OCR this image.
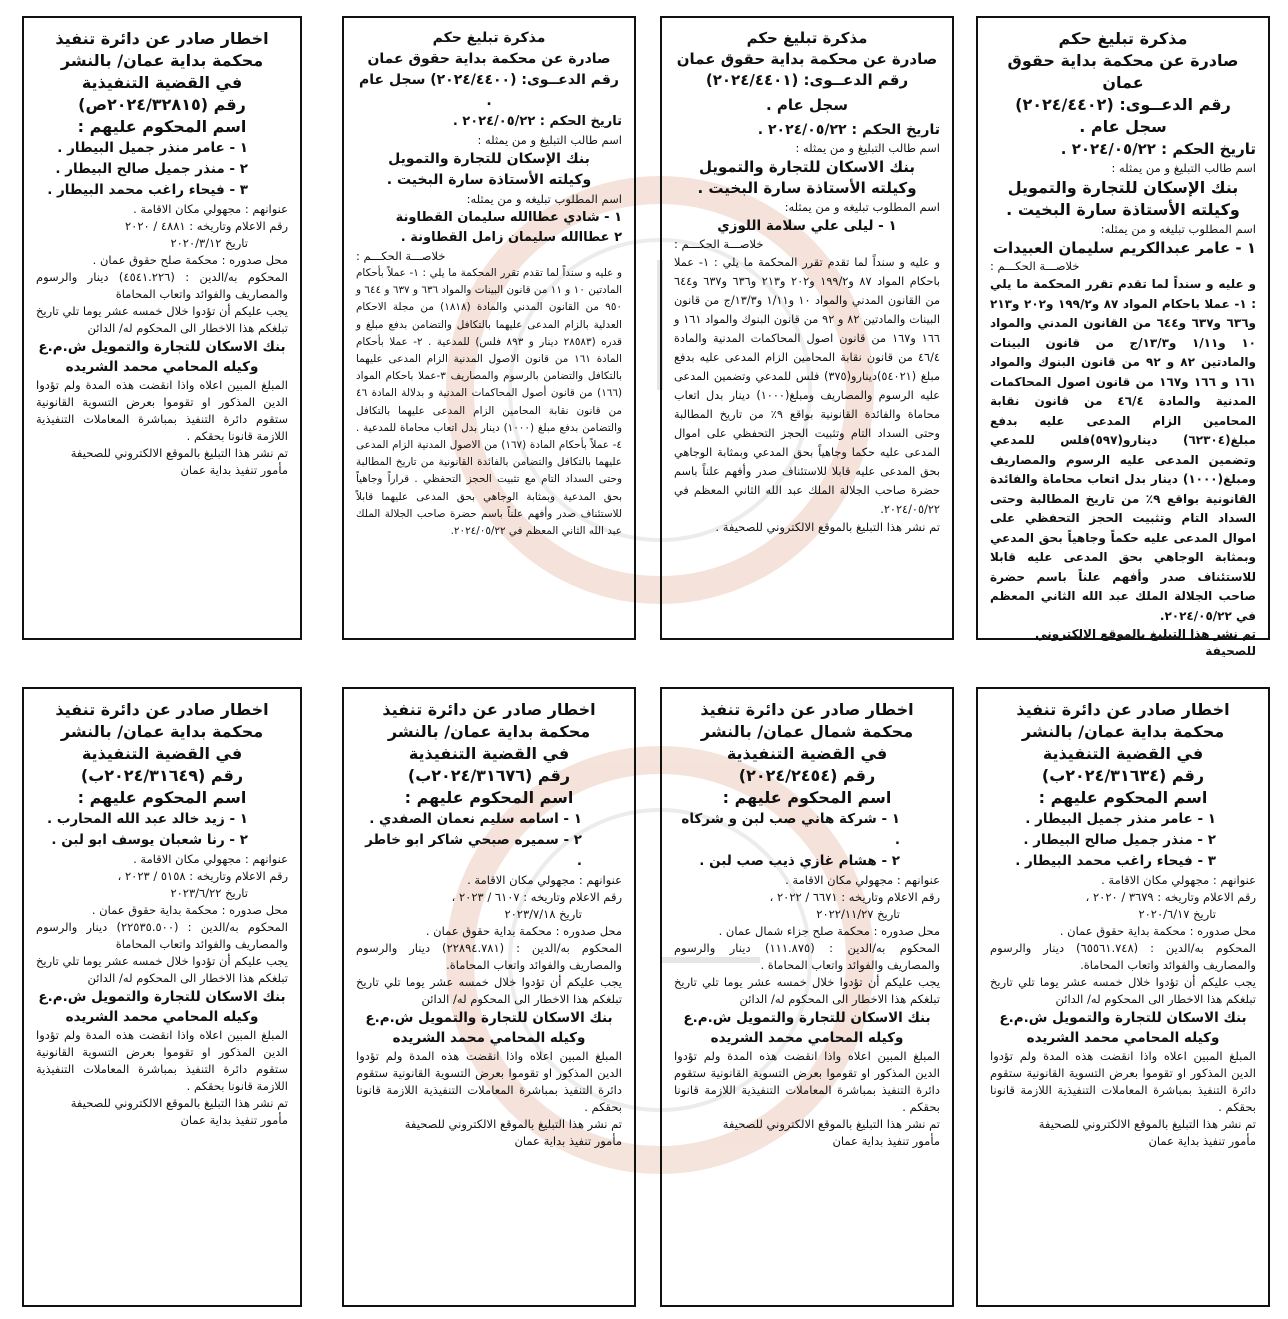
مذكرة تبليغ حكم

صادرة عن محكمة بداية حقوق عمان

رقم الدعــوى: (٢٠٢٤/٤٤٠٢)

سجل عام .

تاريخ الحكم : ٢٠٢٤/٠٥/٢٢ .

اسم طالب التبليغ و من يمثله :

بنك الإسكان للتجارة والتمويل

وكيلته الأستاذة سارة البخيت .

اسم المطلوب تبليغه و من يمثله:

١ - عامر عبدالكريم سليمان العبيدات

خلاصـــة الحكـــم :

و عليه و سنداً لما تقدم تقرر المحكمة ما يلي : ١- عملا باحكام المواد ٨٧ و١٩٩/٢ و٢٠٢ و٢١٣ و٦٣٦ و٦٣٧ و٦٤٤ من القانون المدني والمواد ١٠ و١/١١ و١٣/٣/ج من قانون البينات والمادتين ٨٢ و ٩٢ من قانون البنوك والمواد ١٦١ و ١٦٦ و١٦٧ من قانون اصول المحاكمات المدنية والمادة ٤٦/٤ من قانون نقابة المحامين الزام المدعى عليه بدفع مبلغ(٦٢٣٠٤) دينارو(٥٩٧)فلس للمدعي وتضمين المدعى عليه الرسوم والمصاريف ومبلغ(١٠٠٠) دينار بدل اتعاب محاماة والفائدة القانونية بواقع ٩٪ من تاريخ المطالبة وحتى السداد التام وتثبيت الحجز التحفظي على اموال المدعى عليه حكماً وجاهياً بحق المدعي وبمثابة الوجاهي بحق المدعى عليه قابلا للاستئناف صدر وأفهم علناً باسم حضرة صاحب الجلالة الملك عبد الله الثاني المعظم في ٢٠٢٤/٠٥/٢٢.

تم نشر هذا التبليغ بالموقع الالكتروني للصحيفة

مذكرة تبليغ حكم

صادرة عن محكمة بداية حقوق عمان

رقم الدعــوى: (٢٠٢٤/٤٤٠١)

سجل عام .

تاريخ الحكم : ٢٠٢٤/٠٥/٢٢ .

اسم طالب التبليغ و من يمثله :

بنك الاسكان للتجارة والتمويل

وكيلته الأستاذة سارة البخيت .

اسم المطلوب تبليغه و من يمثله:

١ - ليلى علي سلامة اللوزي

خلاصـــة الحكـــم :

و عليه و سنداً لما تقدم تقرر المحكمة ما يلي : ١- عملا باحكام المواد ٨٧ و١٩٩/٢ و٢٠٢ و٢١٣ و٦٣٦ و٦٣٧ و٦٤٤ من القانون المدني والمواد ١٠ و١/١١ و١٣/٣/ج من قانون البينات والمادتين ٨٢ و ٩٢ من قانون البنوك والمواد ١٦١ و ١٦٦ و١٦٧ من قانون اصول المحاكمات المدنية والمادة ٤٦/٤ من قانون نقابة المحامين الزام المدعى عليه بدفع مبلغ (٥٤٠٢١)دينارو(٣٧٥) فلس للمدعي وتضمين المدعى عليه الرسوم والمصاريف ومبلغ(١٠٠٠) دينار بدل اتعاب محاماة والفائدة القانونية بواقع ٩٪ من تاريخ المطالبة وحتى السداد التام وتثبيت الحجز التحفظي على اموال المدعى عليه حكما وجاهياً بحق المدعي وبمثابة الوجاهي بحق المدعى عليه قابلا للاستئناف صدر وأفهم علناً باسم حضرة صاحب الجلالة الملك عبد الله الثاني المعظم في ٢٠٢٤/٠٥/٢٢.

تم نشر هذا التبليغ بالموقع الالكتروني للصحيفة .

مذكرة تبليغ حكم

صادرة عن محكمة بداية حقوق عمان

رقم الدعــوى: (٢٠٢٤/٤٤٠٠) سجل عام .

تاريخ الحكم : ٢٠٢٤/٠٥/٢٢ .

اسم طالب التبليغ و من يمثله :

بنك الإسكان للتجارة والتمويل

وكيلته الأستاذة سارة البخيت .

اسم المطلوب تبليغه و من يمثله:

١ - شادي عطاالله سليمان القطاونة

٢ عطاالله سليمان زامل القطاونة .

خلاصـــة الحكـــم :

و عليه و سنداً لما تقدم تقرر المحكمة ما يلي : ١- عملاً بأحكام المادتين ١٠ و ١١ من قانون البينات والمواد ٦٣٦ و ٦٣٧ و ٦٤٤ و ٩٥٠ من القانون المدني والمادة (١٨١٨) من مجلة الاحكام العدلية بالزام المدعى عليهما بالتكافل والتضامن بدفع مبلغ و قدره (٢٨٥٨٣ دينار و ٨٩٣ فلس) للمدعية . ٢- عملا بأحكام المادة ١٦١ من قانون الاصول المدنية الزام المدعى عليهما بالتكافل والتضامن بالرسوم والمصاريف ٣-عملا باحكام المواد (١٦٦) من قانون أصول المحاكمات المدنية و بدلالة المادة ٤٦ من قانون نقابة المحامين الزام المدعى عليهما بالتكافل والتضامن بدفع مبلغ (١٠٠٠) دينار بدل اتعاب محاماة للمدعية . ٤- عملاً بأحكام المادة (١٦٧) من الاصول المدنية الزام المدعى عليهما بالتكافل والتضامن بالفائدة القانونية من تاريخ المطالبة وحتى السداد التام مع تثبيت الحجز التحفظي . قراراً وجاهياً بحق المدعية وبمثابة الوجاهي بحق المدعى عليهما قابلاً للاستئناف صدر وأفهم علناً باسم حضرة صاحب الجلالة الملك عبد الله الثاني المعظم في ٢٠٢٤/٠٥/٢٢.

اخطار صادر عن دائرة تنفيذ

محكمة بداية عمان/ بالنشر

في القضية التنفيذية

رقم (٢٠٢٤/٣٢٨١٥ص)

اسم المحكوم عليهم :

١ - عامر منذر جميل البيطار .

٢ - منذر جميل صالح البيطار .

٣ - فيحاء راغب محمد البيطار .

عنوانهم : مجهولي مكان الاقامة .

رقم الاعلام وتاريخه : ٤٨٨١ / ٢٠٢٠

تاريخ ٢٠٢٠/٣/١٢

محل صدوره : محكمة صلح حقوق عمان .

المحكوم به/الدين : (٤٥٤١.٢٢٦) دينار والرسوم والمصاريف والفوائد واتعاب المحاماة

يجب عليكم أن تؤدوا خلال خمسه عشر يوما تلي تاريخ تبلغكم هذا الاخطار الى المحكوم له/ الدائن

بنك الاسكان للتجارة والتمويل ش.م.ع

وكيله المحامي محمد الشريده

المبلغ المبين اعلاه واذا انقضت هذه المدة ولم تؤدوا الدين المذكور او تقوموا بعرض التسوية القانونية ستقوم دائرة التنفيذ بمباشرة المعاملات التنفيذية اللازمة قانونا بحقكم .

تم نشر هذا التبليغ بالموقع الالكتروني للصحيفة

مأمور تنفيذ بداية عمان

اخطار صادر عن دائرة تنفيذ

محكمة بداية عمان/ بالنشر

في القضية التنفيذية

رقم (٢٠٢٤/٣١٦٣٤ب)

اسم المحكوم عليهم :

١ - عامر منذر جميل البيطار .

٢ - منذر جميل صالح البيطار .

٣ - فيحاء راغب محمد البيطار .

عنوانهم : مجهولي مكان الاقامة .

رقم الاعلام وتاريخه : ٣٦٧٩ / ٢٠٢٠ ،

تاريخ ٢٠٢٠/٦/١٧

محل صدوره : محكمة بداية حقوق عمان .

المحكوم به/الدين : (٦٥٥٦١.٧٤٨) دينار والرسوم والمصاريف والفوائد واتعاب المحاماة.

يجب عليكم أن تؤدوا خلال خمسه عشر يوما تلي تاريخ تبلغكم هذا الاخطار الى المحكوم له/ الدائن

بنك الاسكان للتجارة والتمويل ش.م.ع

وكيله المحامي محمد الشريده

المبلغ المبين اعلاه واذا انقضت هذه المدة ولم تؤدوا الدين المذكور او تقوموا بعرض التسوية القانونية ستقوم دائرة التنفيذ بمباشرة المعاملات التنفيذية اللازمة قانونا بحقكم .

تم نشر هذا التبليغ بالموقع الالكتروني للصحيفة

مأمور تنفيذ بداية عمان

اخطار صادر عن دائرة تنفيذ

محكمة شمال عمان/ بالنشر

في القضية التنفيذية

رقم (٢٠٢٤/٢٤٥٤)

اسم المحكوم عليهم :

١ - شركة هاني صب لبن و شركاه .

٢ - هشام غازي ذيب صب لبن .

عنوانهم : مجهولي مكان الاقامة .

رقم الاعلام وتاريخه : ٦٦٧١ / ٢٠٢٢ ،

تاريخ ٢٠٢٢/١١/٢٧

محل صدوره : محكمة صلح جزاء شمال عمان .

المحكوم به/الدين : (١١١.٨٧٥) دينار والرسوم والمصاريف والفوائد واتعاب المحاماة .

يجب عليكم أن تؤدوا خلال خمسه عشر يوما تلي تاريخ تبلغكم هذا الاخطار الى المحكوم له/ الدائن

بنك الاسكان للتجارة والتمويل ش.م.ع

وكيله المحامي محمد الشريده

المبلغ المبين اعلاه واذا انقضت هذه المدة ولم تؤدوا الدين المذكور او تقوموا بعرض التسوية القانونية ستقوم دائرة التنفيذ بمباشرة المعاملات التنفيذية اللازمة قانونا بحقكم .

تم نشر هذا التبليغ بالموقع الالكتروني للصحيفة

مأمور تنفيذ بداية عمان

اخطار صادر عن دائرة تنفيذ

محكمة بداية عمان/ بالنشر

في القضية التنفيذية

رقم (٢٠٢٤/٣١٦٧٦ب)

اسم المحكوم عليهم :

١ - اسامه سليم نعمان الصفدي .

٢ - سميره صبحي شاكر ابو خاطر .

عنوانهم : مجهولي مكان الاقامة .

رقم الاعلام وتاريخه : ٦١٠٧ / ٢٠٢٣ ،

تاريخ ٢٠٢٣/٧/١٨

محل صدوره : محكمة بداية حقوق عمان .

المحكوم به/الدين : (٢٢٨٩٤.٧٨١) دينار والرسوم والمصاريف والفوائد واتعاب المحاماة.

يجب عليكم أن تؤدوا خلال خمسه عشر يوما تلي تاريخ تبلغكم هذا الاخطار الى المحكوم له/ الدائن

بنك الاسكان للتجارة والتمويل ش.م.ع

وكيله المحامي محمد الشريده

المبلغ المبين اعلاه واذا انقضت هذه المدة ولم تؤدوا الدين المذكور او تقوموا بعرض التسوية القانونية ستقوم دائرة التنفيذ بمباشرة المعاملات التنفيذية اللازمة قانونا بحقكم .

تم نشر هذا التبليغ بالموقع الالكتروني للصحيفة

مأمور تنفيذ بداية عمان

اخطار صادر عن دائرة تنفيذ

محكمة بداية عمان/ بالنشر

في القضية التنفيذية

رقم (٢٠٢٤/٣١٦٤٩ب)

اسم المحكوم عليهم :

١ - زيد خالد عبد الله المحارب .

٢ - رنا شعبان يوسف ابو لبن .

عنوانهم : مجهولي مكان الاقامة .

رقم الاعلام وتاريخه : ٥١٥٨ / ٢٠٢٣ ،

تاريخ ٢٠٢٣/٦/٢٢

محل صدوره : محكمة بداية حقوق عمان .

المحكوم به/الدين : (٢٢٥٣٥.٥٠٠) دينار والرسوم والمصاريف والفوائد واتعاب المحاماة

يجب عليكم أن تؤدوا خلال خمسه عشر يوما تلي تاريخ تبلغكم هذا الاخطار الى المحكوم له/ الدائن

بنك الاسكان للتجارة والتمويل ش.م.ع

وكيله المحامي محمد الشريده

المبلغ المبين اعلاه واذا انقضت هذه المدة ولم تؤدوا الدين المذكور او تقوموا بعرض التسوية القانونية ستقوم دائرة التنفيذ بمباشرة المعاملات التنفيذية اللازمة قانونا بحقكم .

تم نشر هذا التبليغ بالموقع الالكتروني للصحيفة

مأمور تنفيذ بداية عمان
